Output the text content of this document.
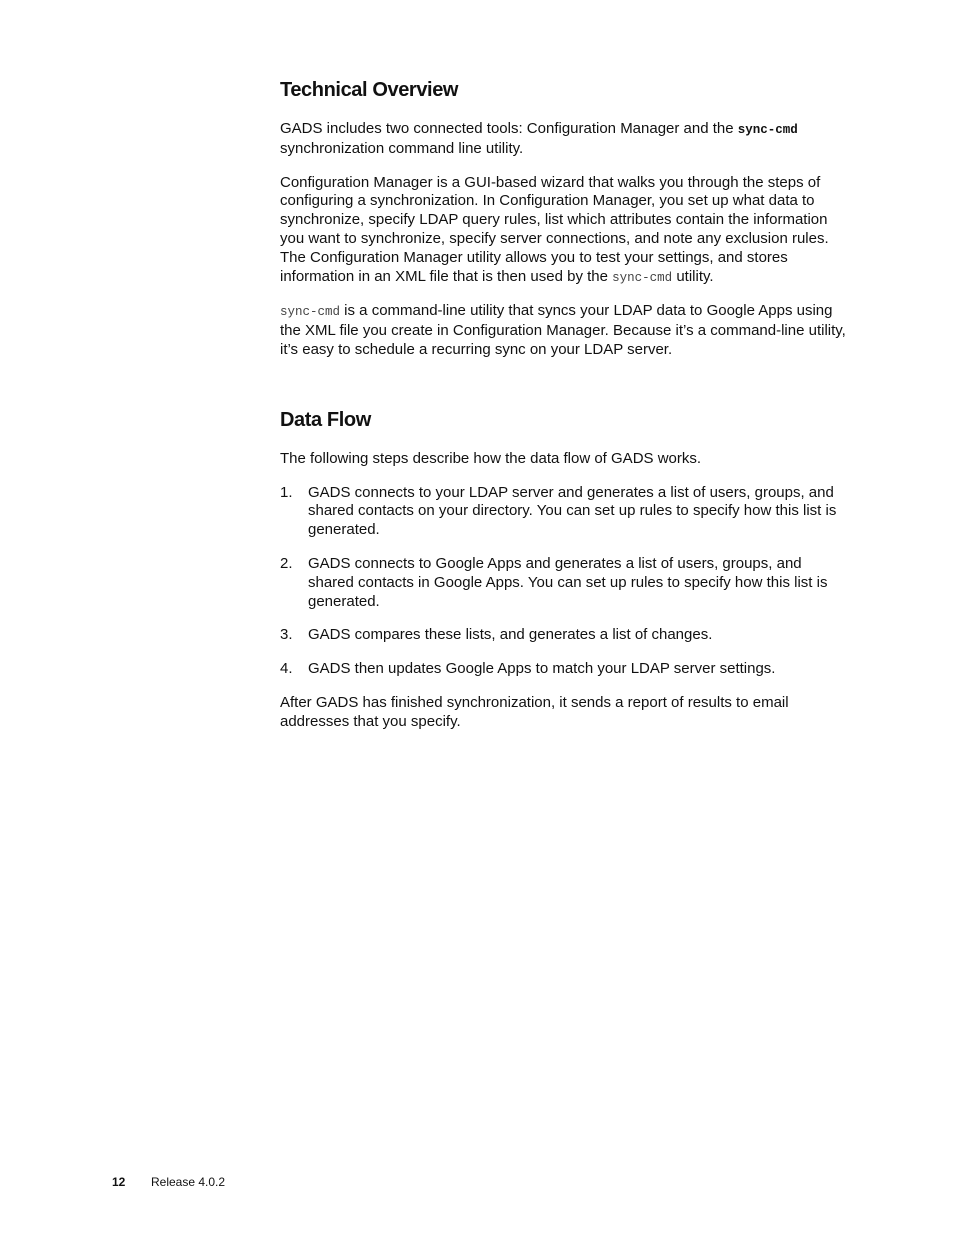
Technical Overview

GADS includes two connected tools: Configuration Manager and the sync-cmd synchronization command line utility.

Configuration Manager is a GUI-based wizard that walks you through the steps of configuring a synchronization. In Configuration Manager, you set up what data to synchronize, specify LDAP query rules, list which attributes contain the information you want to synchronize, specify server connections, and note any exclusion rules. The Configuration Manager utility allows you to test your settings, and stores information in an XML file that is then used by the sync-cmd utility.

sync-cmd is a command-line utility that syncs your LDAP data to Google Apps using the XML file you create in Configuration Manager. Because it’s a command-line utility, it’s easy to schedule a recurring sync on your LDAP server.

Data Flow

The following steps describe how the data flow of GADS works.

1. GADS connects to your LDAP server and generates a list of users, groups, and shared contacts on your directory. You can set up rules to specify how this list is generated.
2. GADS connects to Google Apps and generates a list of users, groups, and shared contacts in Google Apps. You can set up rules to specify how this list is generated.
3. GADS compares these lists, and generates a list of changes.
4. GADS then updates Google Apps to match your LDAP server settings.

After GADS has finished synchronization, it sends a report of results to email addresses that you specify.

12 Release 4.0.2
